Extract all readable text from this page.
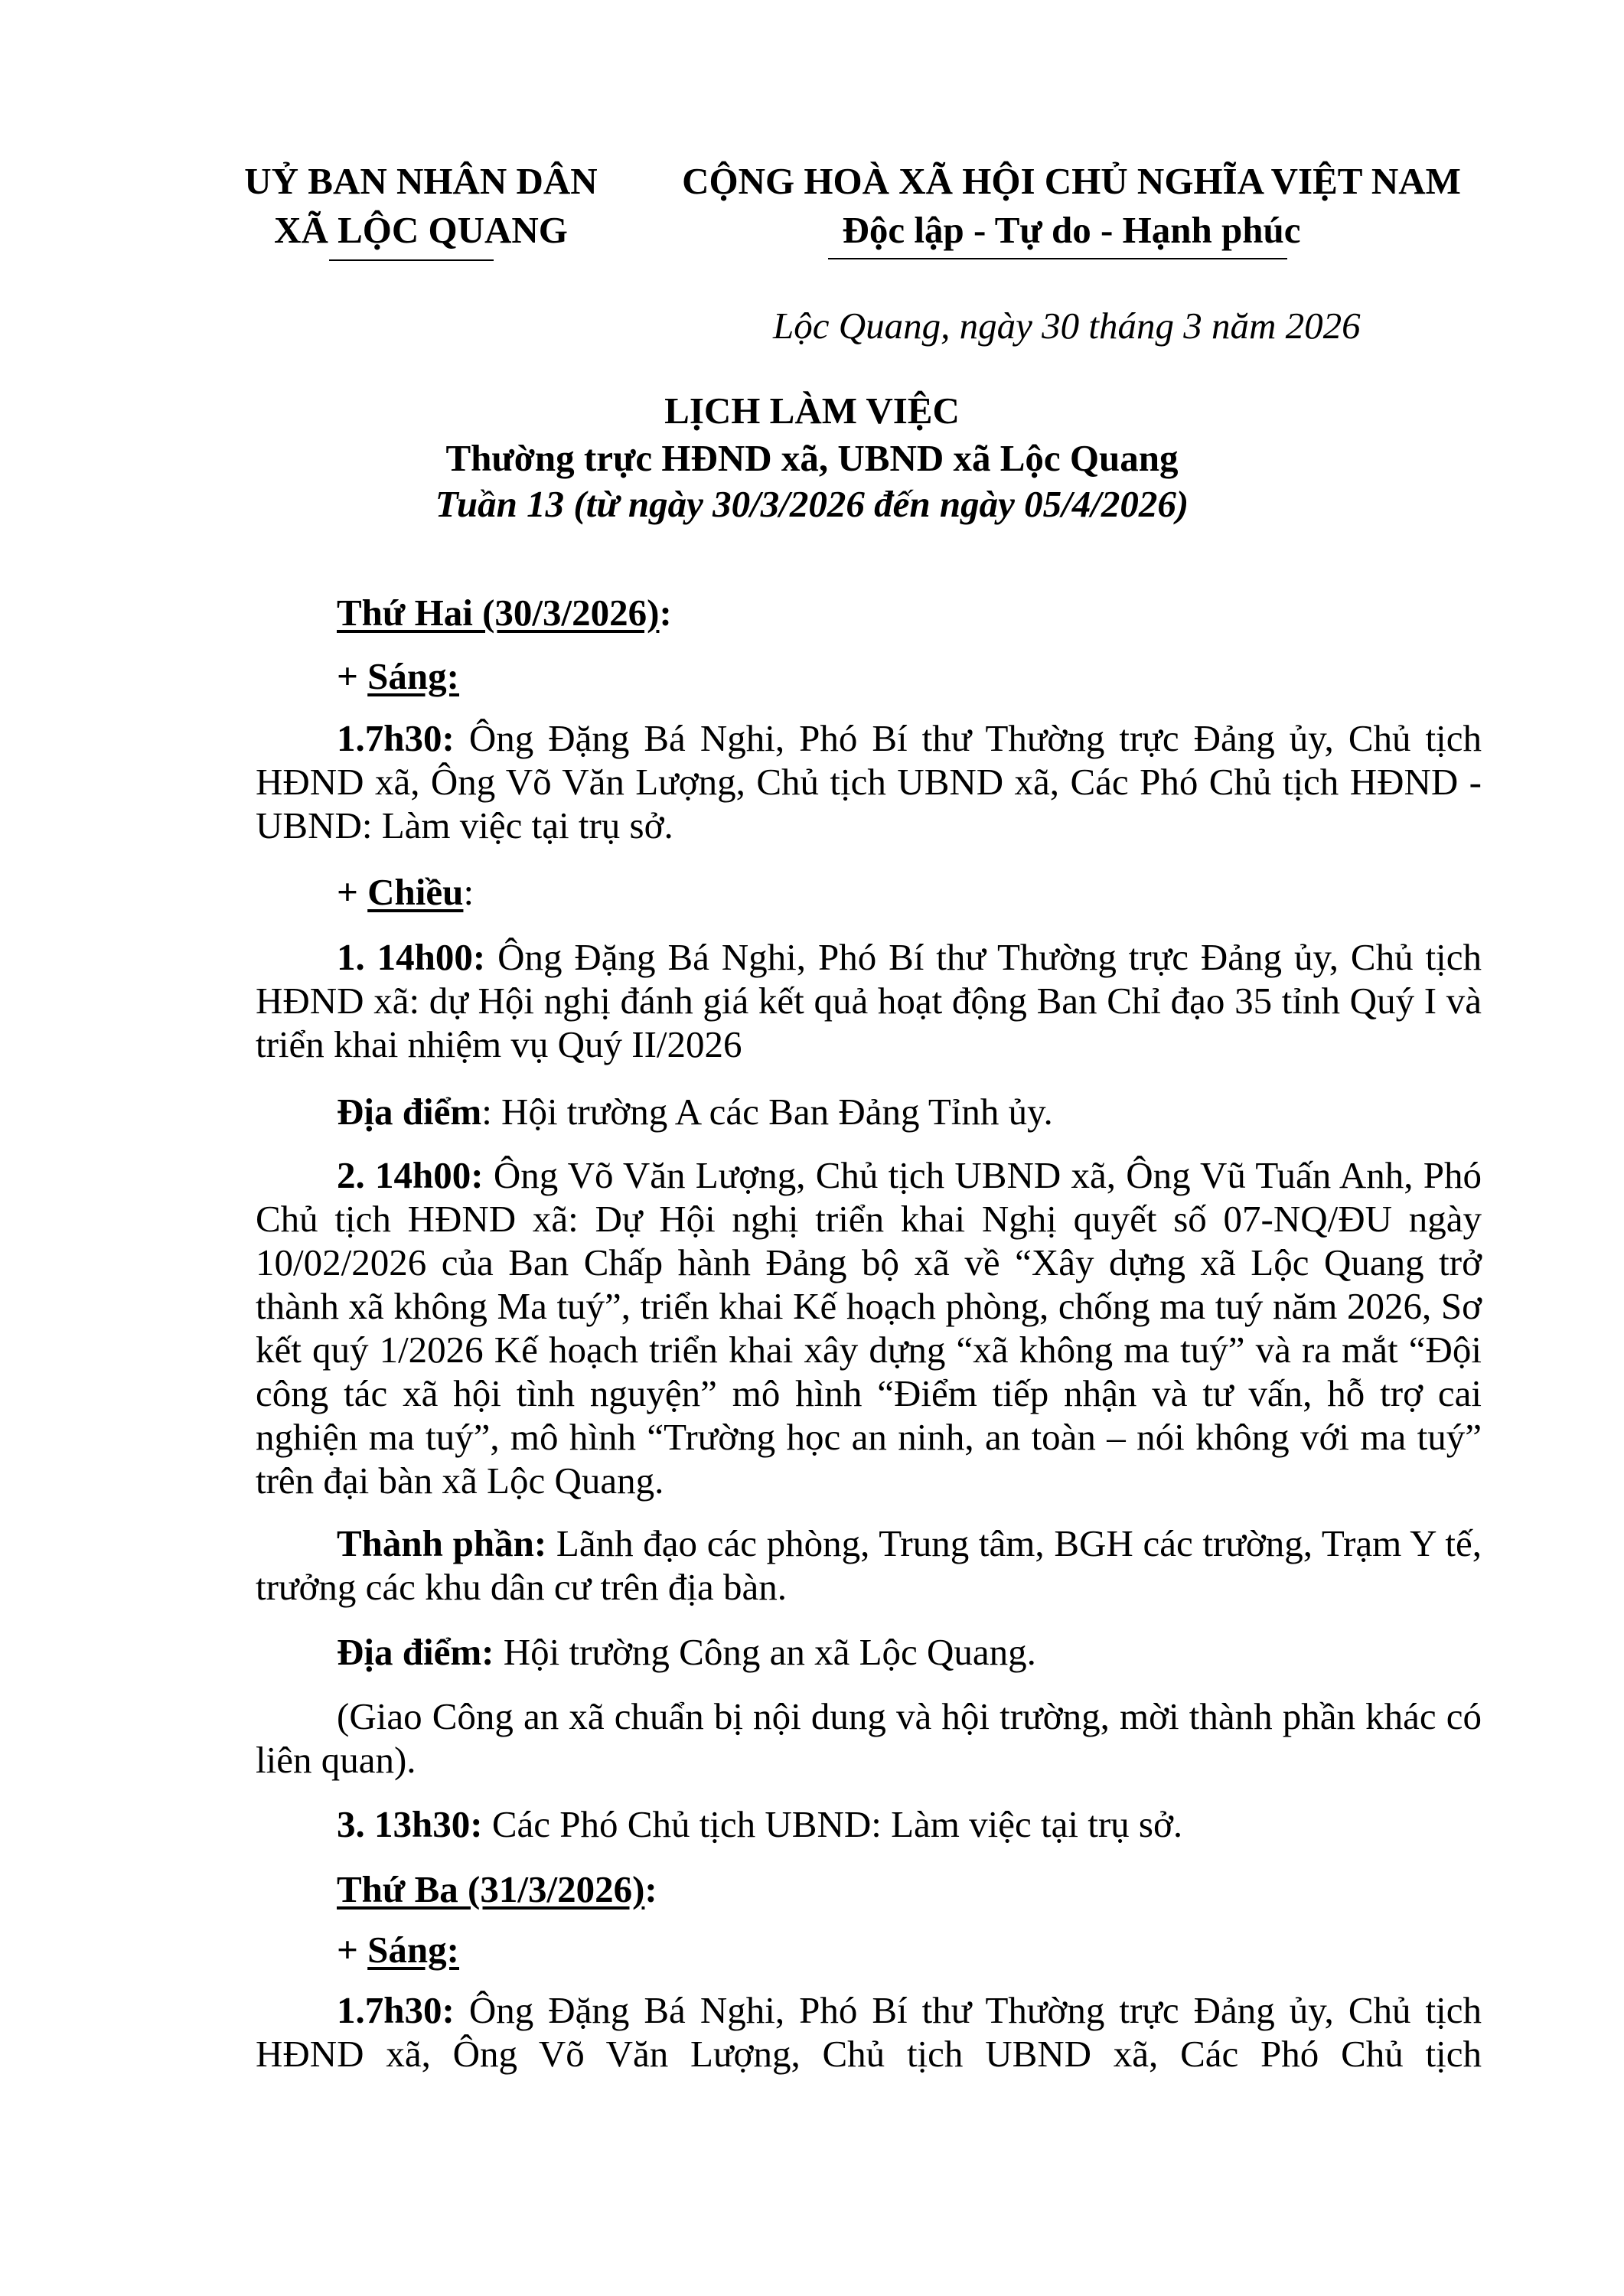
UỶ BAN NHÂN DÂN
XÃ LỘC QUANG
CỘNG HOÀ XÃ HỘI CHỦ NGHĨA VIỆT NAM
Độc lập - Tự do - Hạnh phúc
Lộc Quang, ngày 30 tháng 3 năm 2026
LỊCH LÀM VIỆC
Thường trực HĐND xã, UBND xã Lộc Quang
Tuần 13 (từ ngày 30/3/2026 đến ngày 05/4/2026)
Thứ Hai (30/3/2026):
+ Sáng:
1.7h30: Ông Đặng Bá Nghi, Phó Bí thư Thường trực Đảng ủy, Chủ tịch HĐND xã, Ông Võ Văn Lượng, Chủ tịch UBND xã, Các Phó Chủ tịch HĐND - UBND: Làm việc tại trụ sở.
+ Chiều:
1. 14h00: Ông Đặng Bá Nghi, Phó Bí thư Thường trực Đảng ủy, Chủ tịch HĐND xã: dự Hội nghị đánh giá kết quả hoạt động Ban Chỉ đạo 35 tỉnh Quý I và triển khai nhiệm vụ Quý II/2026
Địa điểm: Hội trường A các Ban Đảng Tỉnh ủy.
2. 14h00: Ông Võ Văn Lượng, Chủ tịch UBND xã, Ông Vũ Tuấn Anh, Phó Chủ tịch HĐND xã: Dự Hội nghị triển khai Nghị quyết số 07-NQ/ĐU ngày 10/02/2026 của Ban Chấp hành Đảng bộ xã về “Xây dựng xã Lộc Quang trở thành xã không Ma tuý”, triển khai Kế hoạch phòng, chống ma tuý năm 2026, Sơ kết quý 1/2026 Kế hoạch triển khai xây dựng “xã không ma tuý” và ra mắt “Đội công tác xã hội tình nguyện” mô hình “Điểm tiếp nhận và tư vấn, hỗ trợ cai nghiện ma tuý”, mô hình “Trường học an ninh, an toàn – nói không với ma tuý” trên đại bàn xã Lộc Quang.
Thành phần: Lãnh đạo các phòng, Trung tâm, BGH các trường, Trạm Y tế, trưởng các khu dân cư trên địa bàn.
Địa điểm: Hội trường Công an xã Lộc Quang.
(Giao Công an xã chuẩn bị nội dung và hội trường, mời thành phần khác có liên quan).
3. 13h30: Các Phó Chủ tịch UBND: Làm việc tại trụ sở.
Thứ Ba (31/3/2026):
+ Sáng:
1.7h30: Ông Đặng Bá Nghi, Phó Bí thư Thường trực Đảng ủy, Chủ tịch HĐND xã, Ông Võ Văn Lượng, Chủ tịch UBND xã, Các Phó Chủ tịch
